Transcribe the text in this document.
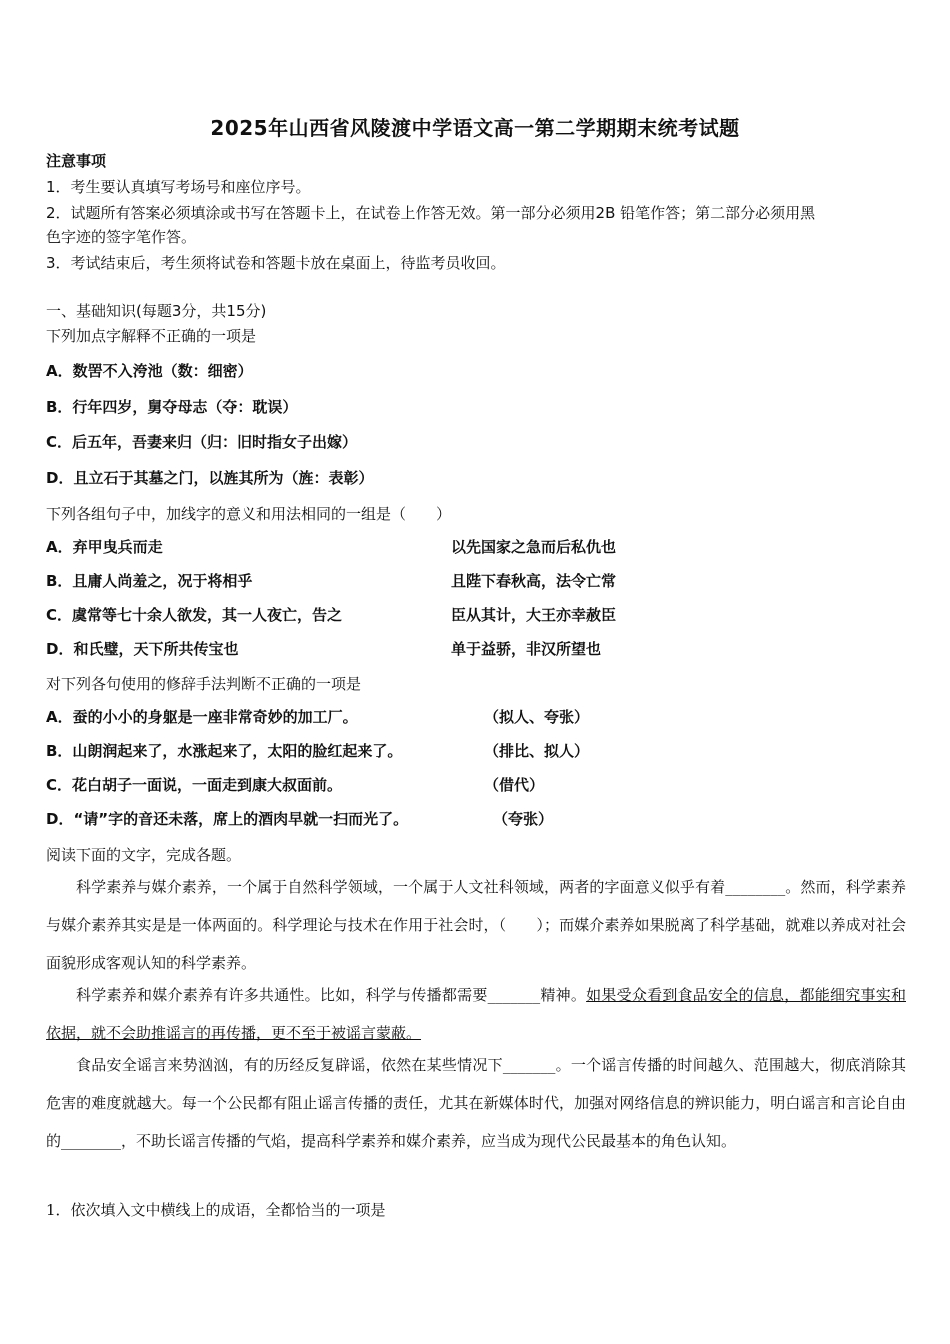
2025年山西省风陵渡中学语文高一第二学期期末统考试题
注意事项
1．考生要认真填写考场号和座位序号。
2．试题所有答案必须填涂或书写在答题卡上，在试卷上作答无效。第一部分必须用2B 铅笔作答；第二部分必须用黑
色字迹的签字笔作答。
3．考试结束后，考生须将试卷和答题卡放在桌面上，待监考员收回。
一、基础知识(每题3分，共15分)
下列加点字解释不正确的一项是
A．数罟不入洿池（数：细密）
B．行年四岁，舅夺母志（夺：耽误）
C．后五年，吾妻来归（归：旧时指女子出嫁）
D．且立石于其墓之门，以旌其所为（旌：表彰）
下列各组句子中，加线字的意义和用法相同的一组是（　　）
A．弃甲曳兵而走	以先国家之急而后私仇也
B．且庸人尚羞之，况于将相乎	且陛下春秋高，法令亡常
C．虞常等七十余人欲发，其一人夜亡，告之	臣从其计，大王亦幸赦臣
D．和氏璧，天下所共传宝也	单于益骄，非汉所望也
对下列各句使用的修辞手法判断不正确的一项是
A．蚕的小小的身躯是一座非常奇妙的加工厂。	（拟人、夸张）
B．山朗润起来了，水涨起来了，太阳的脸红起来了。	（排比、拟人）
C．花白胡子一面说，一面走到康大叔面前。	（借代）
D．“请”字的音还未落，席上的酒肉早就一扫而光了。	（夸张）
阅读下面的文字，完成各题。
科学素养与媒介素养，一个属于自然科学领域，一个属于人文社科领域，两者的字面意义似乎有着________。然而，科学素养与媒介素养其实是是一体两面的。科学理论与技术在作用于社会时，（　　）；而媒介素养如果脱离了科学基础，就难以养成对社会面貌形成客观认知的科学素养。
科学素养和媒介素养有许多共通性。比如，科学与传播都需要_______精神。如果受众看到食品安全的信息，都能细究事实和依据，就不会助推谣言的再传播，更不至于被谣言蒙蔽。
食品安全谣言来势汹汹，有的历经反复辟谣，依然在某些情况下_______。一个谣言传播的时间越久、范围越大，彻底消除其危害的难度就越大。每一个公民都有阻止谣言传播的责任，尤其在新媒体时代，加强对网络信息的辨识能力，明白谣言和言论自由的________，不助长谣言传播的气焰，提高科学素养和媒介素养，应当成为现代公民最基本的角色认知。
1．依次填入文中横线上的成语，全都恰当的一项是
